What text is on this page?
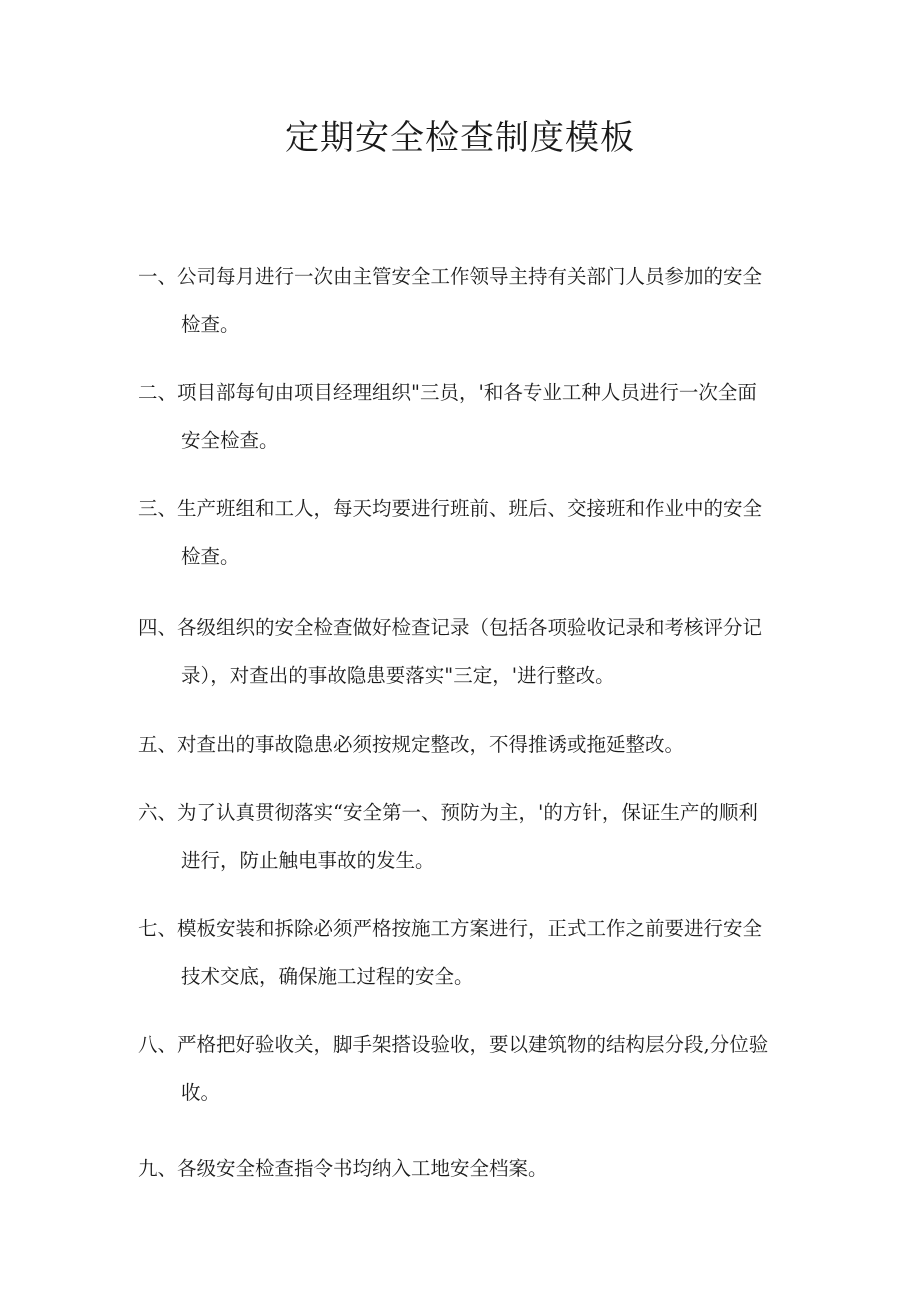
定期安全检查制度模板
一、公司每月进行一次由主管安全工作领导主持有关部门人员参加的安全
检查。
二、项目部每旬由项目经理组织"三员，'和各专业工种人员进行一次全面
安全检查。
三、生产班组和工人，每天均要进行班前、班后、交接班和作业中的安全
检查。
四、各级组织的安全检查做好检查记录（包括各项验收记录和考核评分记
录），对查出的事故隐患要落实"三定，'进行整改。
五、对查出的事故隐患必须按规定整改，不得推诱或拖延整改。
六、为了认真贯彻落实“安全第一、预防为主，'的方针，保证生产的顺利
进行，防止触电事故的发生。
七、模板安装和拆除必须严格按施工方案进行，正式工作之前要进行安全
技术交底，确保施工过程的安全。
八、严格把好验收关，脚手架搭设验收，要以建筑物的结构层分段,分位验
收。
九、各级安全检查指令书均纳入工地安全档案。
